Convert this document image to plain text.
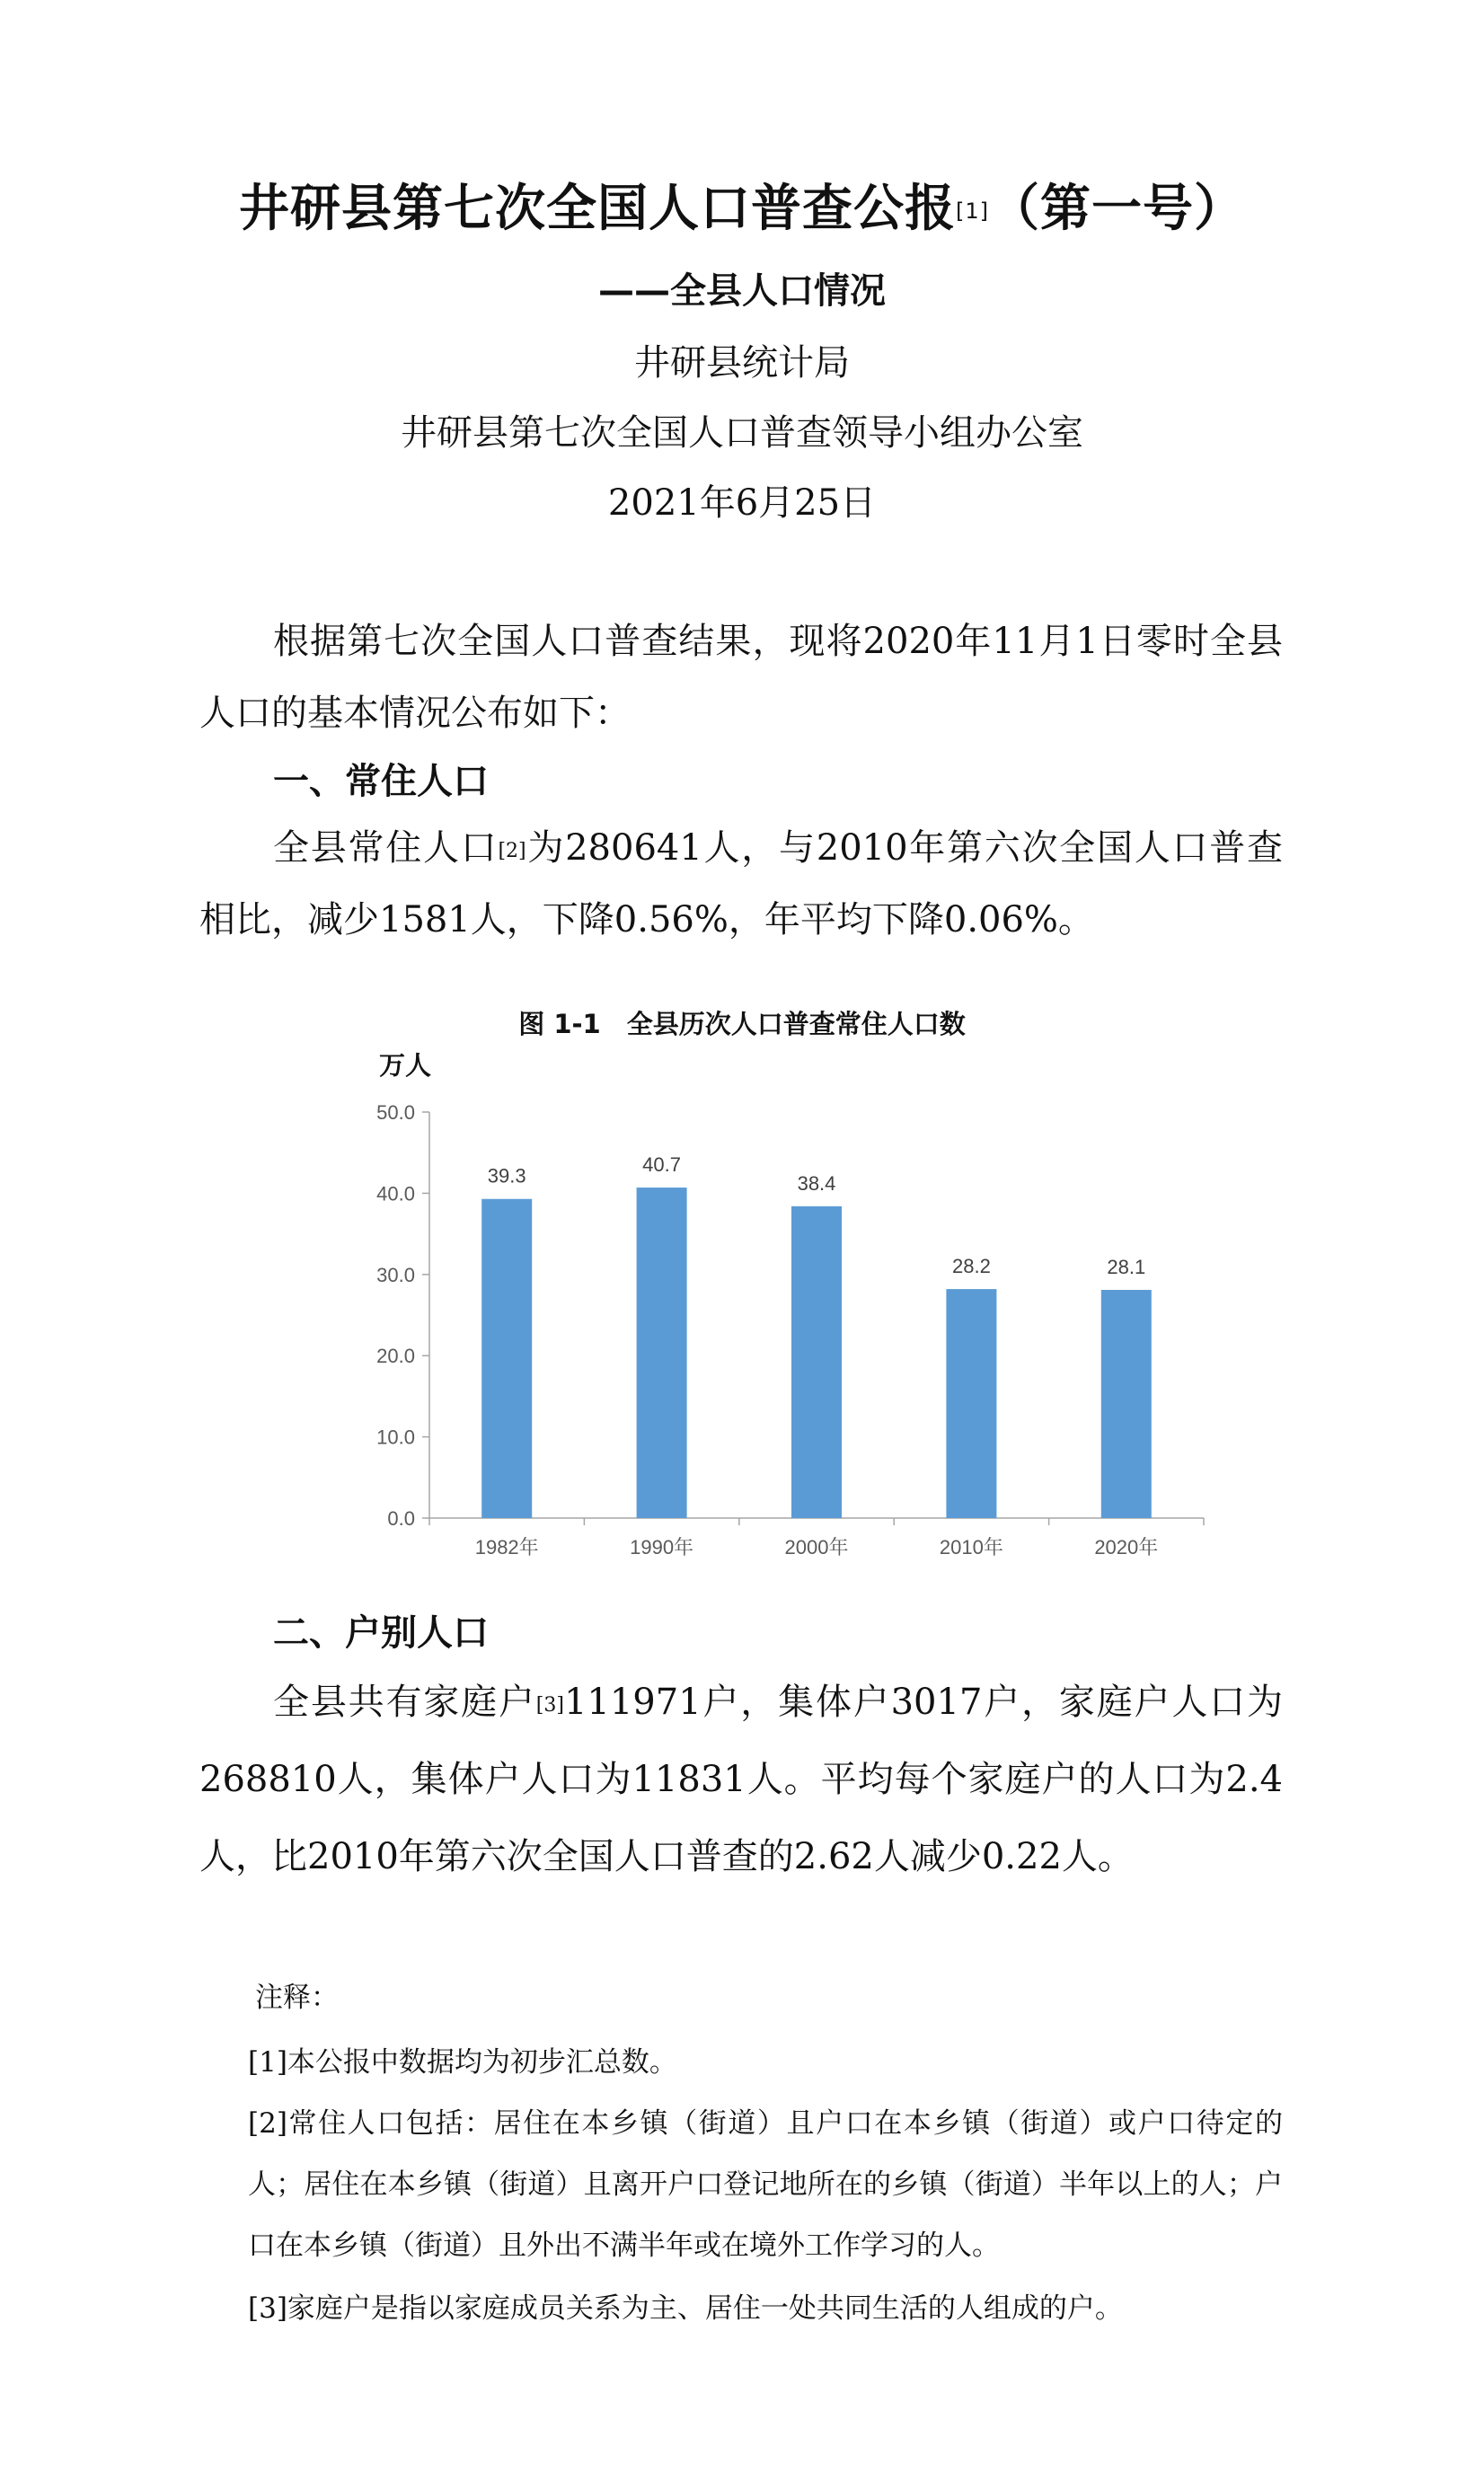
井研县第七次全国人口普查公报[1]（第一号）
——全县人口情况
井研县统计局
井研县第七次全国人口普查领导小组办公室
2021年6月25日

根据第七次全国人口普查结果，现将2020年11月1日零时全县人口的基本情况公布如下：

一、常住人口

全县常住人口[2]为280641人，与2010年第六次全国人口普查相比，减少1581人，下降0.56%，年平均下降0.06%。

图 1-1　全县历次人口普查常住人口数
万人
0.0
10.0
20.0
30.0
40.0
50.0
39.3
1982年
40.7
1990年
38.4
2000年
28.2
2010年
28.1
2020年
二、户别人口

全县共有家庭户[3]111971户，集体户3017户，家庭户人口为268810人，集体户人口为11831人。平均每个家庭户的人口为2.4人，比2010年第六次全国人口普查的2.62人减少0.22人。

注释：

[1]本公报中数据均为初步汇总数。

[2]常住人口包括：居住在本乡镇（街道）且户口在本乡镇（街道）或户口待定的人；居住在本乡镇（街道）且离开户口登记地所在的乡镇（街道）半年以上的人；户口在本乡镇（街道）且外出不满半年或在境外工作学习的人。

[3]家庭户是指以家庭成员关系为主、居住一处共同生活的人组成的户。
